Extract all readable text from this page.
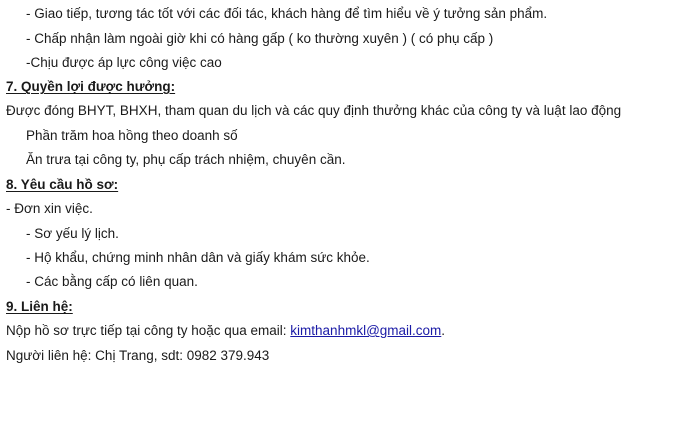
- Giao tiếp, tương tác tốt với các đối tác, khách hàng để tìm hiểu về ý tưởng sản phẩm.
- Chấp nhận làm ngoài giờ khi có hàng gấp ( ko thường xuyên ) ( có phụ cấp )
-Chịu được áp lực công việc cao
7. Quyền lợi được hưởng:
Được đóng BHYT, BHXH, tham quan du lịch và các quy định thưởng khác của công ty và luật lao động
Phần trăm hoa hồng theo doanh số
Ăn trưa tại công ty, phụ cấp trách nhiệm, chuyên cần.
8. Yêu cầu hồ sơ:
- Đơn xin việc.
- Sơ yếu lý lịch.
- Hộ khẩu, chứng minh nhân dân và giấy khám sức khỏe.
- Các bằng cấp có liên quan.
9. Liên hệ:
Nộp hồ sơ trực tiếp tại công ty hoặc qua email: kimthanhmkl@gmail.com.
Người liên hệ: Chị Trang, sdt: 0982 379.943
